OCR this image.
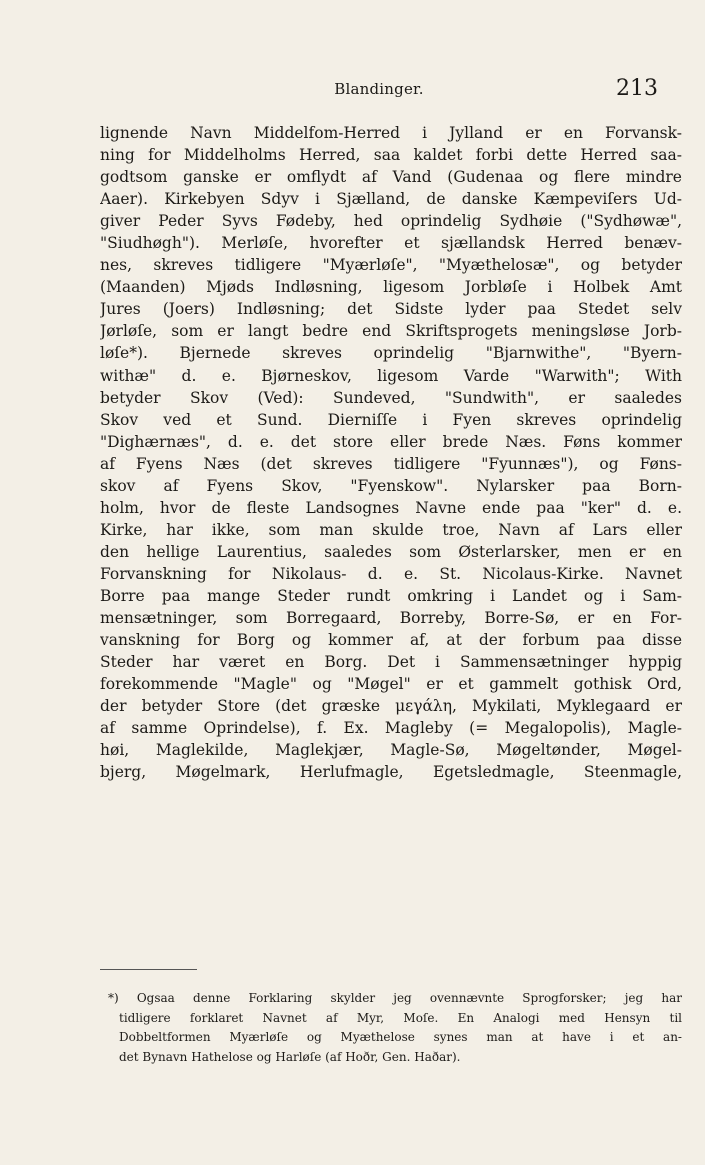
Blandinger.	213
lignende Navn Middelfom-Herred i Jylland er en Forvansk-
ning for Middelholms Herred, saa kaldet forbi dette Herred saa-
godtsom ganske er omflydt af Vand (Gudenaa og flere mindre
Aaer). Kirkebyen Sdyv i Sjælland, de danske Kæmpeviſers Ud-
giver Peder Syvs Fødeby, hed oprindelig Sydhøie ("Sydhøwæ",
"Siudhøgh"). Merløſe, hvorefter et sjællandsk Herred benæv-
nes, skreves tidligere "Myærløſe", "Myæthelosæ", og betyder
(Maanden) Mjøds Indløsning, ligesom Jorbløſe i Holbek Amt
Jures (Joers) Indløsning; det Sidste lyder paa Stedet selv
Jørløſe, som er langt bedre end Skriftsprogets meningsløse Jorb-
løſe*). Bjernede skreves oprindelig "Bjarnwithe", "Byern-
withæ" d. e. Bjørneskov, ligesom Varde "Warwith"; With
betyder Skov (Ved): Sundeved, "Sundwith", er saaledes
Skov ved et Sund. Dierniſſe i Fyen skreves oprindelig
"Dighærnæs", d. e. det store eller brede Næs. Føns kommer
af Fyens Næs (det skreves tidligere "Fyunnæs"), og Føns-
skov af Fyens Skov, "Fyenskow". Nylarsker paa Born-
holm, hvor de fleste Landsognes Navne ende paa "ker" d. e.
Kirke, har ikke, som man skulde troe, Navn af Lars eller
den hellige Laurentius, saaledes som Østerlarsker, men er en
Forvanskning for Nikolaus- d. e. St. Nicolaus-Kirke. Navnet
Borre paa mange Steder rundt omkring i Landet og i Sam-
mensætninger, som Borregaard, Borreby, Borre-Sø, er en For-
vanskning for Borg og kommer af, at der forbum paa disse
Steder har været en Borg. Det i Sammensætninger hyppig
forekommende "Magle" og "Møgel" er et gammelt gothisk Ord,
der betyder Store (det græske μεγάλη, Mykilati, Myklegaard er
af samme Oprindelse), f. Ex. Magleby (= Megalopolis), Magle-
høi, Maglekilde, Maglekjær, Magle-Sø, Møgeltønder, Møgel-
bjerg, Møgelmark, Herlufmagle, Egetsledmagle, Steenmagle,
*) Ogsaa denne Forklaring skylder jeg ovennævnte Sprogforsker; jeg har
tidligere forklaret Navnet af Myr, Moſe. En Analogi med Hensyn til
Dobbeltformen Myærløſe og Myæthelose synes man at have i et an-
det Bynavn Hathelose og Harløſe (af Hoðr, Gen. Haðar).
